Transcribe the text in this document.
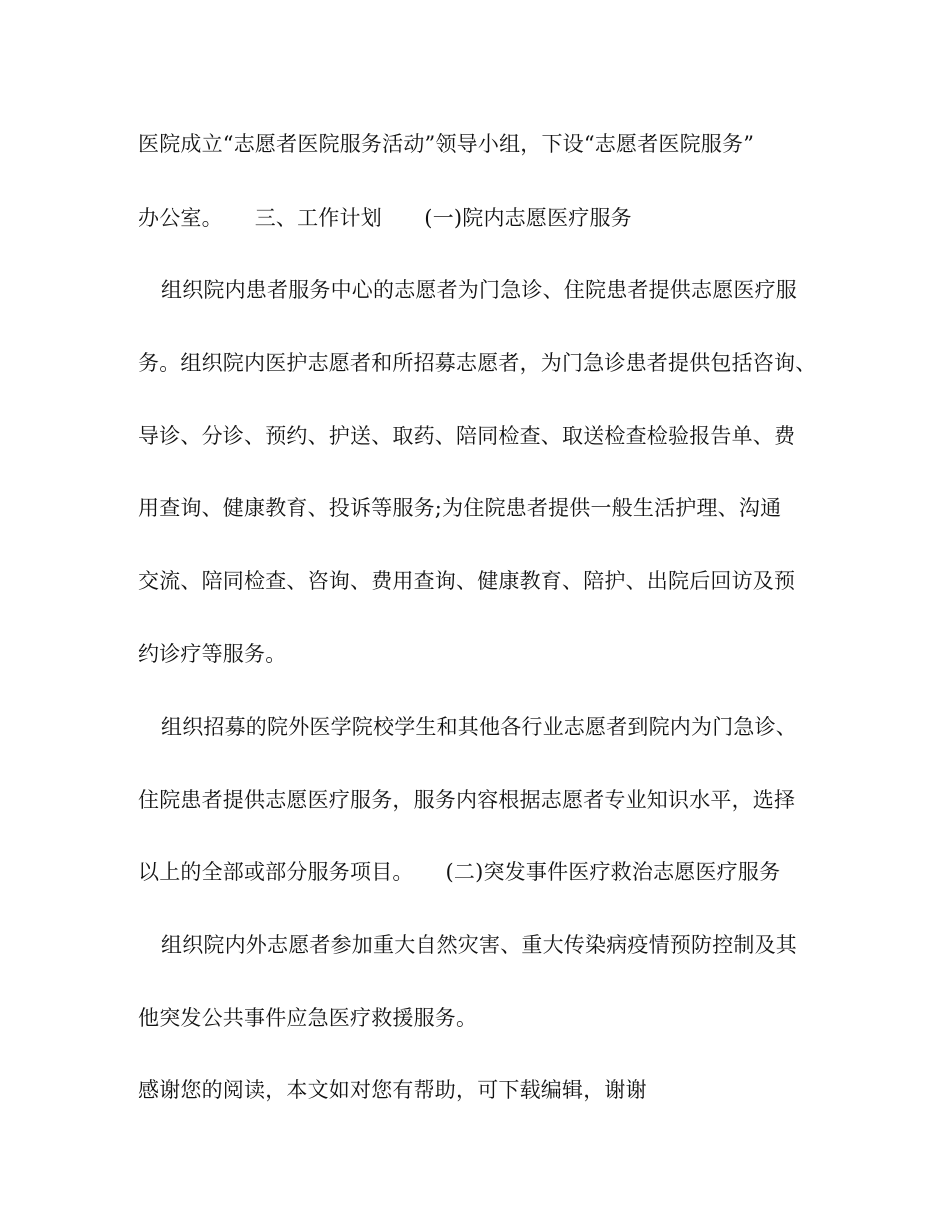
医院成立“志愿者医院服务活动”领导小组，下设“志愿者医院服务”
办公室。　　三、工作计划　　(一)院内志愿医疗服务
组织院内患者服务中心的志愿者为门急诊、住院患者提供志愿医疗服
务。组织院内医护志愿者和所招募志愿者，为门急诊患者提供包括咨询、
导诊、分诊、预约、护送、取药、陪同检查、取送检查检验报告单、费
用查询、健康教育、投诉等服务;为住院患者提供一般生活护理、沟通
交流、陪同检查、咨询、费用查询、健康教育、陪护、出院后回访及预
约诊疗等服务。
组织招募的院外医学院校学生和其他各行业志愿者到院内为门急诊、
住院患者提供志愿医疗服务，服务内容根据志愿者专业知识水平，选择
以上的全部或部分服务项目。　　(二)突发事件医疗救治志愿医疗服务
组织院内外志愿者参加重大自然灾害、重大传染病疫情预防控制及其
他突发公共事件应急医疗救援服务。
感谢您的阅读，本文如对您有帮助，可下载编辑，谢谢
